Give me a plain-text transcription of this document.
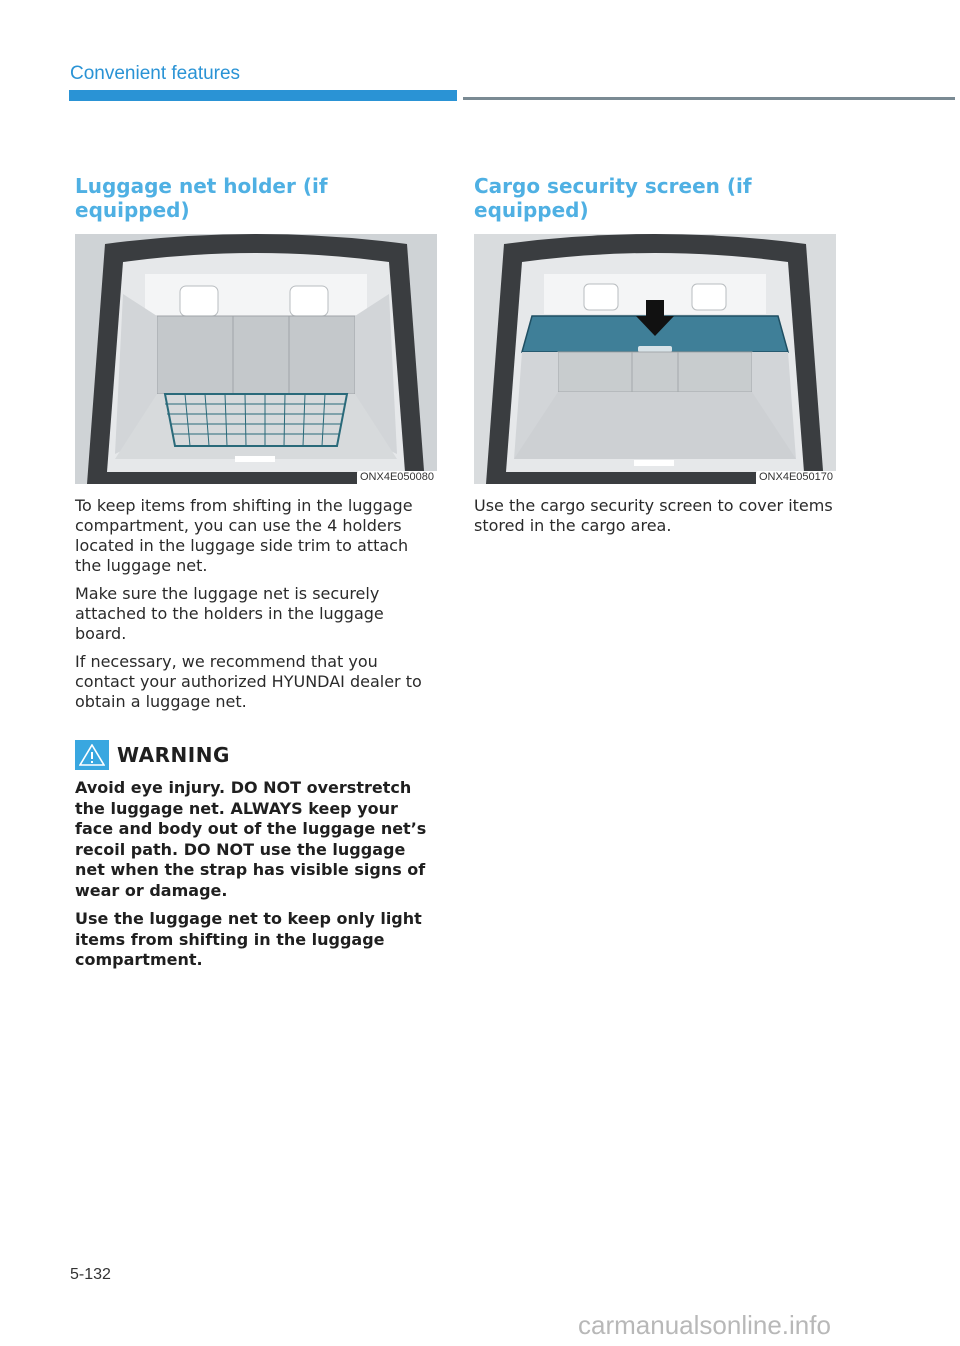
Convenient features
Luggage net holder (if equipped)
ONX4E050080

To keep items from shifting in the luggage compartment, you can use the 4 holders located in the luggage side trim to attach the luggage net.

Make sure the luggage net is securely attached to the holders in the luggage board.

If necessary, we recommend that you contact your authorized HYUNDAI dealer to obtain a luggage net.

WARNING

Avoid eye injury. DO NOT overstretch the luggage net. ALWAYS keep your face and body out of the luggage net’s recoil path. DO NOT use the luggage net when the strap has visible signs of wear or damage.

Use the luggage net to keep only light items from shifting in the luggage compartment.

Cargo security screen (if equipped)
ONX4E050170

Use the cargo security screen to cover items stored in the cargo area.

5-132
carmanualsonline.info
